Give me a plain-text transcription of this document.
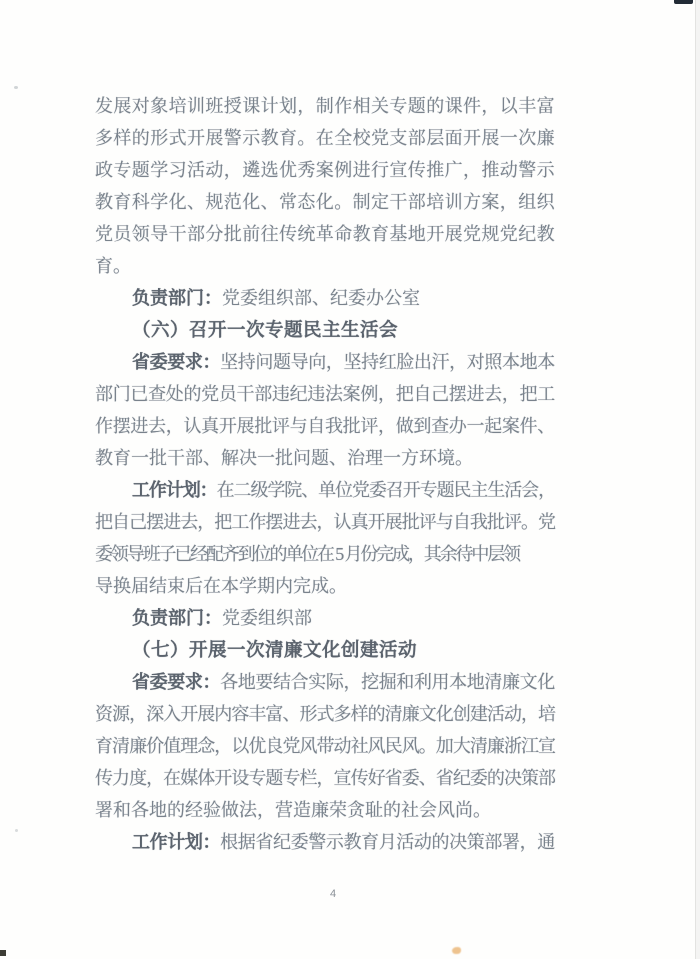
发展对象培训班授课计划，制作相关专题的课件，以丰富
多样的形式开展警示教育。在全校党支部层面开展一次廉
政专题学习活动，遴选优秀案例进行宣传推广，推动警示
教育科学化、规范化、常态化。制定干部培训方案，组织
党员领导干部分批前往传统革命教育基地开展党规党纪教
育。
负责部门：党委组织部、纪委办公室
（六）召开一次专题民主生活会
省委要求：坚持问题导向，坚持红脸出汗，对照本地本
部门已查处的党员干部违纪违法案例，把自己摆进去，把工
作摆进去，认真开展批评与自我批评，做到查办一起案件、
教育一批干部、解决一批问题、治理一方环境。
工作计划：在二级学院、单位党委召开专题民主生活会，
把自己摆进去，把工作摆进去，认真开展批评与自我批评。党
委领导班子已经配齐到位的单位在 5 月份完成，其余待中层领
导换届结束后在本学期内完成。
负责部门：党委组织部
（七）开展一次清廉文化创建活动
省委要求：各地要结合实际，挖掘和利用本地清廉文化
资源，深入开展内容丰富、形式多样的清廉文化创建活动，培
育清廉价值理念，以优良党风带动社风民风。加大清廉浙江宣
传力度，在媒体开设专题专栏，宣传好省委、省纪委的决策部
署和各地的经验做法，营造廉荣贪耻的社会风尚。
工作计划：根据省纪委警示教育月活动的决策部署，通
4
